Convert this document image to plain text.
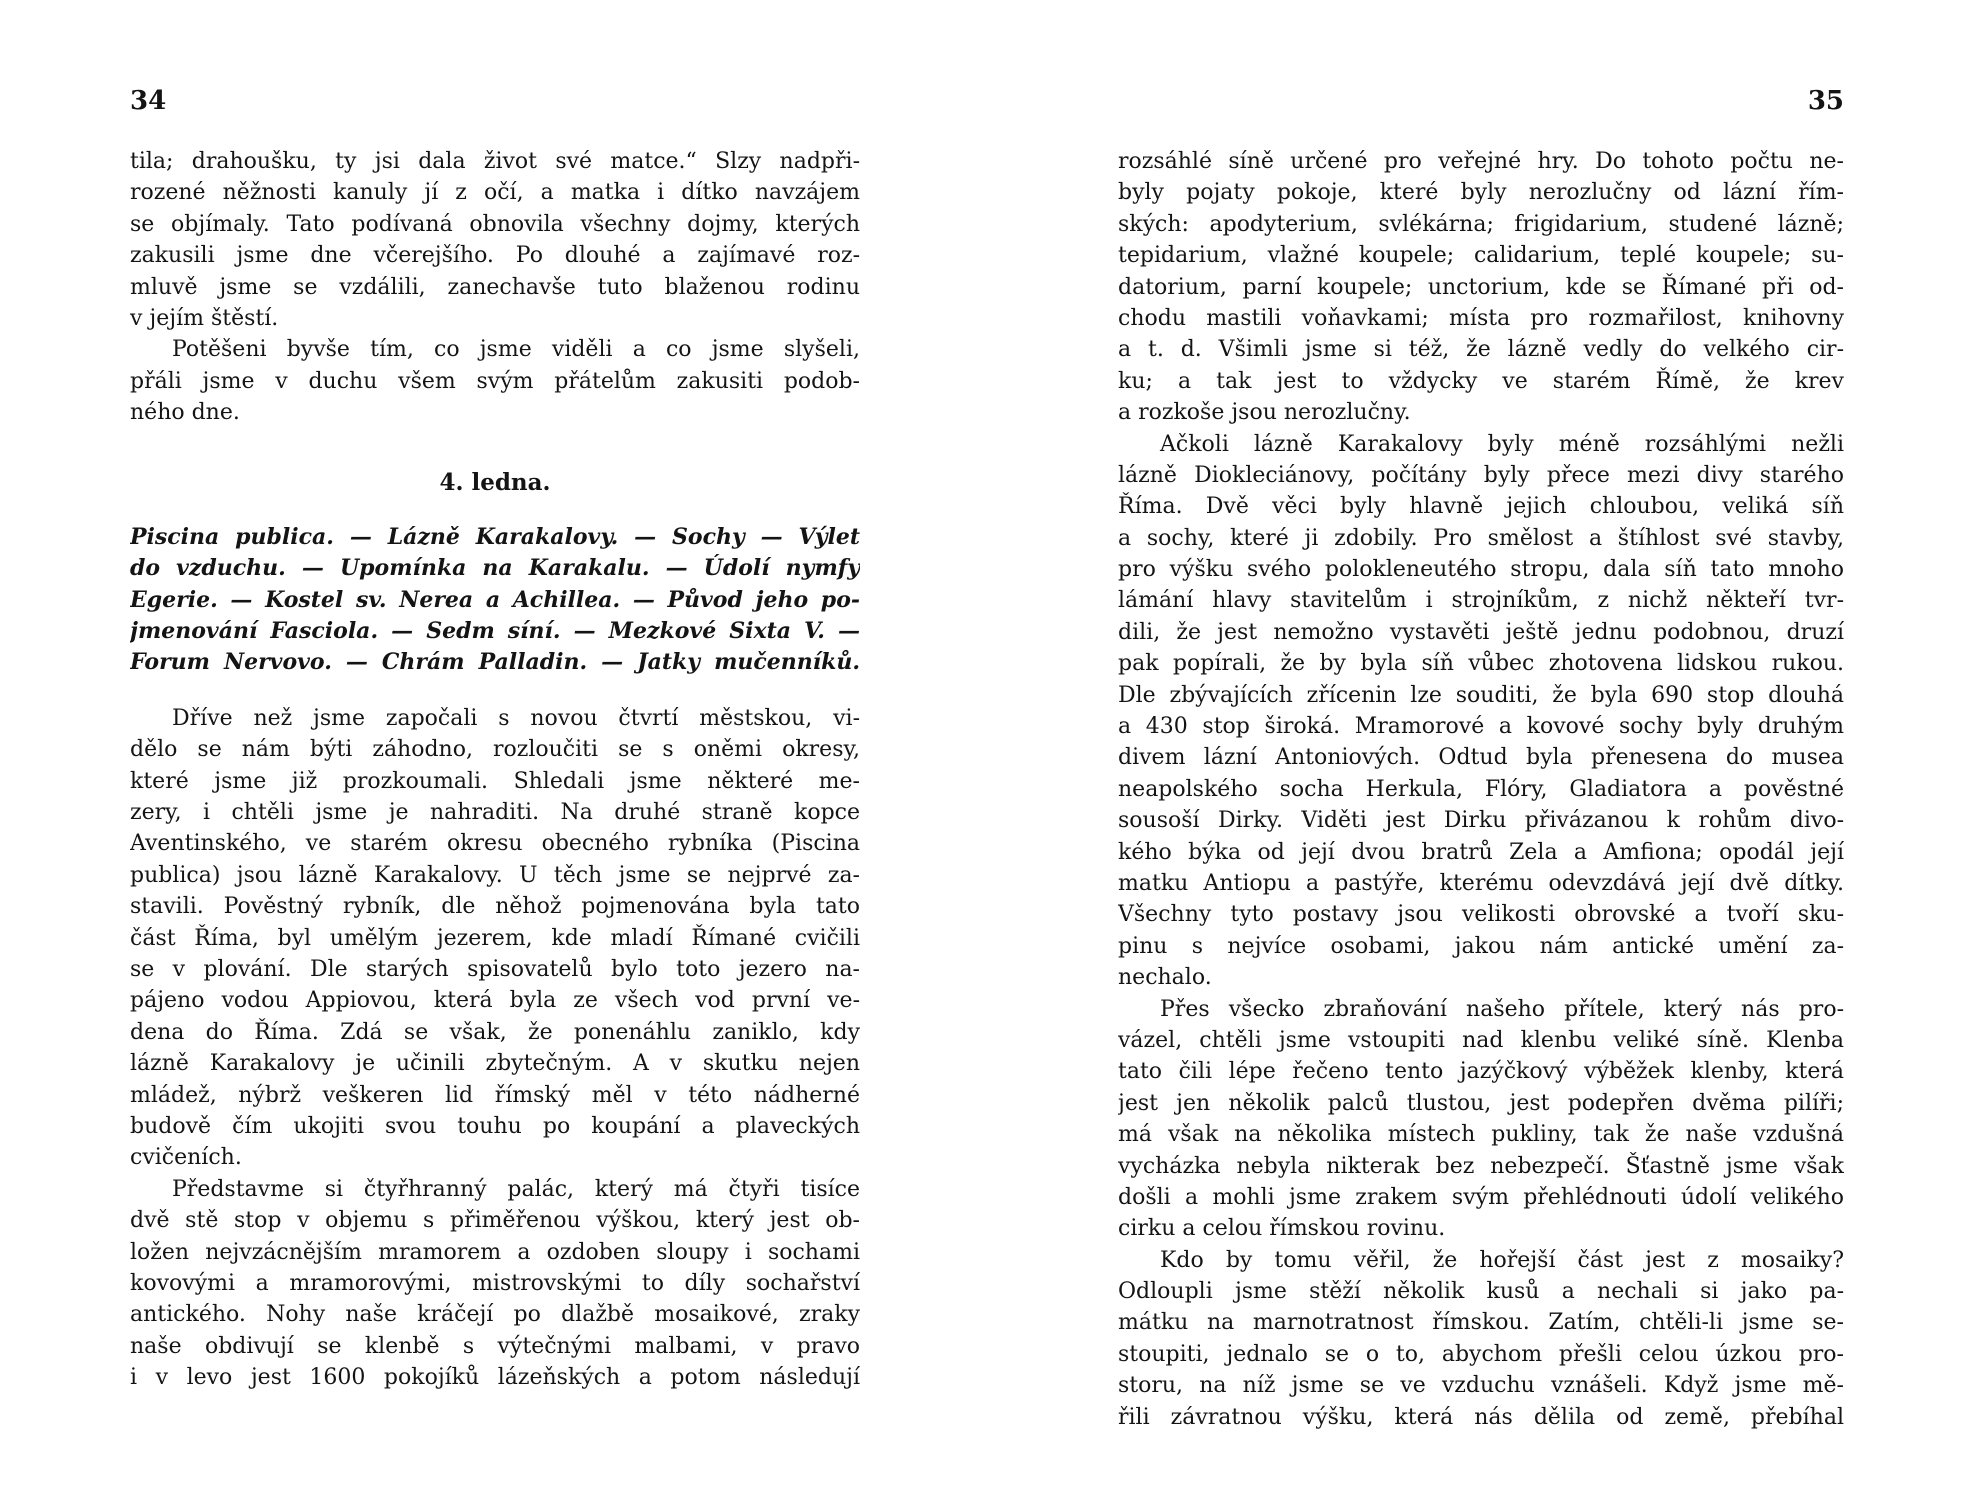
34
tila; drahoušku, ty jsi dala život své matce.“ Slzy nadpři-
rozené něžnosti kanuly jí z očí, a matka i dítko navzájem
se objímaly. Tato podívaná obnovila všechny dojmy, kterých
zakusili jsme dne včerejšího. Po dlouhé a zajímavé roz-
mluvě jsme se vzdálili, zanechavše tuto blaženou rodinu
v jejím štěstí.
Potěšeni byvše tím, co jsme viděli a co jsme slyšeli,
přáli jsme v duchu všem svým přátelům zakusiti podob-
ného dne.
4. ledna.
Piscina publica. — Lázně Karakalovy. — Sochy — Výlet
do vzduchu. — Upomínka na Karakalu. — Údolí nymfy
Egerie. — Kostel sv. Nerea a Achillea. — Původ jeho po-
jmenování Fasciola. — Sedm síní. — Mezkové Sixta V. —
Forum Nervovo. — Chrám Palladin. — Jatky mučenníků.
Dříve než jsme započali s novou čtvrtí městskou, vi-
dělo se nám býti záhodno, rozloučiti se s oněmi okresy,
které jsme již prozkoumali. Shledali jsme některé me-
zery, i chtěli jsme je nahraditi. Na druhé straně kopce
Aventinského, ve starém okresu obecného rybníka (Piscina
publica) jsou lázně Karakalovy. U těch jsme se nejprvé za-
stavili. Pověstný rybník, dle něhož pojmenována byla tato
část Říma, byl umělým jezerem, kde mladí Římané cvičili
se v plování. Dle starých spisovatelů bylo toto jezero na-
pájeno vodou Appiovou, která byla ze všech vod první ve-
dena do Říma. Zdá se však, že ponenáhlu zaniklo, kdy
lázně Karakalovy je učinili zbytečným. A v skutku nejen
mládež, nýbrž veškeren lid římský měl v této nádherné
budově čím ukojiti svou touhu po koupání a plaveckých
cvičeních.
Představme si čtyřhranný palác, který má čtyři tisíce
dvě stě stop v objemu s přiměřenou výškou, který jest ob-
ložen nejvzácnějším mramorem a ozdoben sloupy i sochami
kovovými a mramorovými, mistrovskými to díly sochařství
antického. Nohy naše kráčejí po dlažbě mosaikové, zraky
naše obdivují se klenbě s výtečnými malbami, v pravo
i v levo jest 1600 pokojíků lázeňských a potom následují
35
rozsáhlé síně určené pro veřejné hry. Do tohoto počtu ne-
byly pojaty pokoje, které byly nerozlučny od lázní řím-
ských: apodyterium, svlékárna; frigidarium, studené lázně;
tepidarium, vlažné koupele; calidarium, teplé koupele; su-
datorium, parní koupele; unctorium, kde se Římané při od-
chodu mastili voňavkami; místa pro rozmařilost, knihovny
a t. d. Všimli jsme si též, že lázně vedly do velkého cir-
ku; a tak jest to vždycky ve starém Římě, že krev
a rozkoše jsou nerozlučny.
Ačkoli lázně Karakalovy byly méně rozsáhlými nežli
lázně Diokleciánovy, počítány byly přece mezi divy starého
Říma. Dvě věci byly hlavně jejich chloubou, veliká síň
a sochy, které ji zdobily. Pro smělost a štíhlost své stavby,
pro výšku svého polokleneutého stropu, dala síň tato mnoho
lámání hlavy stavitelům i strojníkům, z nichž někteří tvr-
dili, že jest nemožno vystavěti ještě jednu podobnou, druzí
pak popírali, že by byla síň vůbec zhotovena lidskou rukou.
Dle zbývajících zřícenin lze souditi, že byla 690 stop dlouhá
a 430 stop široká. Mramorové a kovové sochy byly druhým
divem lázní Antoniových. Odtud byla přenesena do musea
neapolského socha Herkula, Flóry, Gladiatora a pověstné
sousoší Dirky. Viděti jest Dirku přivázanou k rohům divo-
kého býka od její dvou bratrů Zela a Amfiona; opodál její
matku Antiopu a pastýře, kterému odevzdává její dvě dítky.
Všechny tyto postavy jsou velikosti obrovské a tvoří sku-
pinu s nejvíce osobami, jakou nám antické umění za-
nechalo.
Přes všecko zbraňování našeho přítele, který nás pro-
vázel, chtěli jsme vstoupiti nad klenbu veliké síně. Klenba
tato čili lépe řečeno tento jazýčkový výběžek klenby, která
jest jen několik palců tlustou, jest podepřen dvěma pilíři;
má však na několika místech pukliny, tak že naše vzdušná
vycházka nebyla nikterak bez nebezpečí. Šťastně jsme však
došli a mohli jsme zrakem svým přehlédnouti údolí velikého
cirku a celou římskou rovinu.
Kdo by tomu věřil, že hořejší část jest z mosaiky?
Odloupli jsme stěží několik kusů a nechali si jako pa-
mátku na marnotratnost římskou. Zatím, chtěli-li jsme se-
stoupiti, jednalo se o to, abychom přešli celou úzkou pro-
storu, na níž jsme se ve vzduchu vznášeli. Když jsme mě-
řili závratnou výšku, která nás dělila od země, přebíhal
